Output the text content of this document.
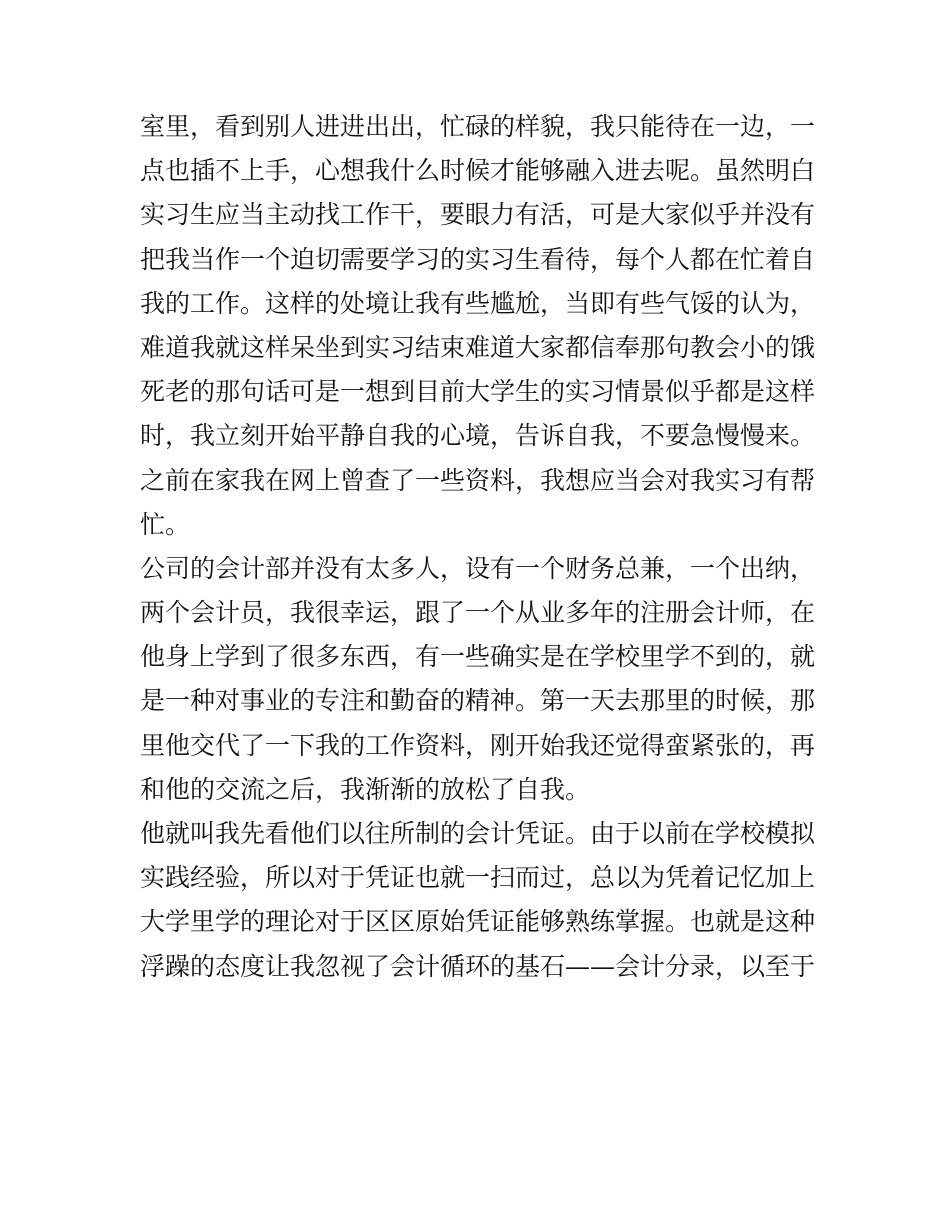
室里，看到别人进进出出，忙碌的样貌，我只能待在一边，一
点也插不上手，心想我什么时候才能够融入进去呢。虽然明白
实习生应当主动找工作干，要眼力有活，可是大家似乎并没有
把我当作一个迫切需要学习的实习生看待，每个人都在忙着自
我的工作。这样的处境让我有些尴尬，当即有些气馁的认为，
难道我就这样呆坐到实习结束难道大家都信奉那句教会小的饿
死老的那句话可是一想到目前大学生的实习情景似乎都是这样
时，我立刻开始平静自我的心境，告诉自我，不要急慢慢来。
之前在家我在网上曾查了一些资料，我想应当会对我实习有帮
忙。
公司的会计部并没有太多人，设有一个财务总兼，一个出纳，
两个会计员，我很幸运，跟了一个从业多年的注册会计师，在
他身上学到了很多东西，有一些确实是在学校里学不到的，就
是一种对事业的专注和勤奋的精神。第一天去那里的时候，那
里他交代了一下我的工作资料，刚开始我还觉得蛮紧张的，再
和他的交流之后，我渐渐的放松了自我。
他就叫我先看他们以往所制的会计凭证。由于以前在学校模拟
实践经验，所以对于凭证也就一扫而过，总以为凭着记忆加上
大学里学的理论对于区区原始凭证能够熟练掌握。也就是这种
浮躁的态度让我忽视了会计循环的基石——会计分录，以至于
